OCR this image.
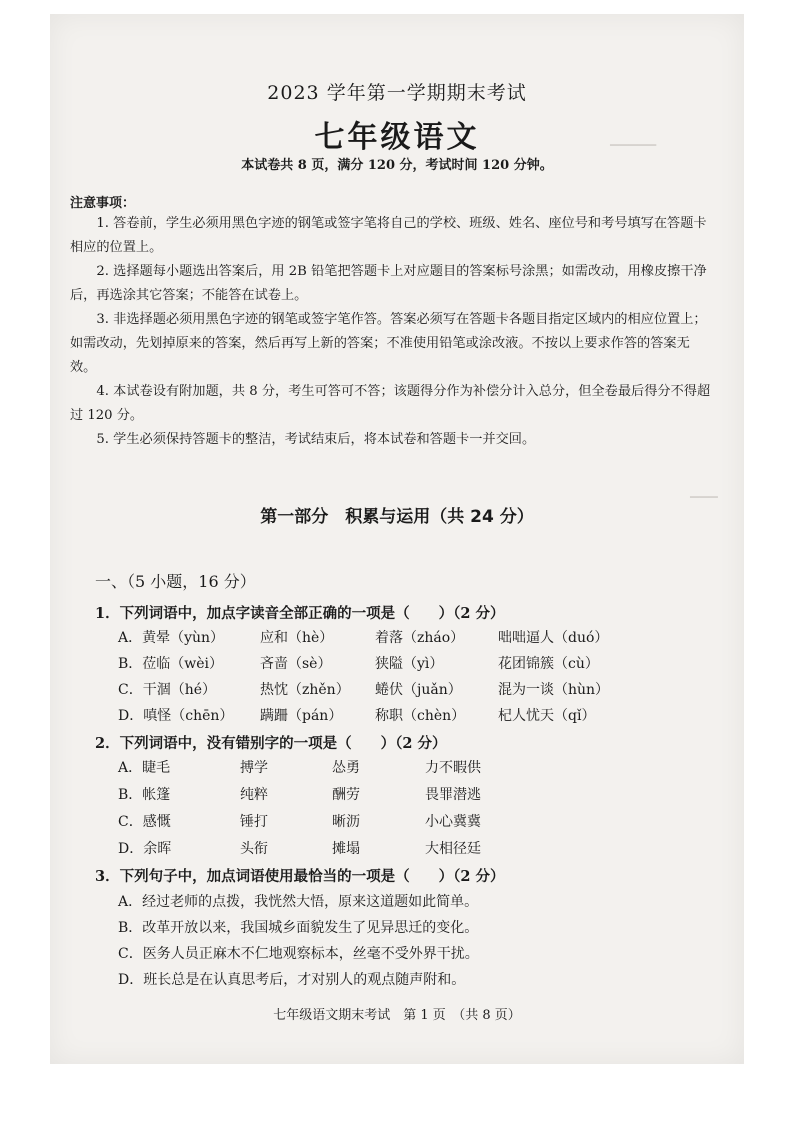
▁▁▁▁▁
▁▁▁
2023 学年第一学期期末考试
七年级语文
本试卷共 8 页，满分 120 分，考试时间 120 分钟。
注意事项：

1. 答卷前，学生必须用黑色字迹的钢笔或签字笔将自己的学校、班级、姓名、座位号和考号填写在答题卡相应的位置上。

2. 选择题每小题选出答案后，用 2B 铅笔把答题卡上对应题目的答案标号涂黑；如需改动，用橡皮擦干净后，再选涂其它答案；不能答在试卷上。

3. 非选择题必须用黑色字迹的钢笔或签字笔作答。答案必须写在答题卡各题目指定区域内的相应位置上；如需改动，先划掉原来的答案，然后再写上新的答案；不准使用铅笔或涂改液。不按以上要求作答的答案无效。

4. 本试卷设有附加题，共 8 分，考生可答可不答；该题得分作为补偿分计入总分，但全卷最后得分不得超过 120 分。

5. 学生必须保持答题卡的整洁，考试结束后，将本试卷和答题卡一并交回。

第一部分　积累与运用（共 24 分）
一、（5 小题，16 分）
1．下列词语中，加点字读音全部正确的一项是（　　）（2 分）
A．黄晕（yùn）	应和（hè）	着落（zháo） 咄咄逼人（duó）
B．莅临（wèi）	吝啬（sè）	狭隘（yì）	花团锦簇（cù）
C．干涸（hé）	热忱（zhěn） 蜷伏（juǎn）	混为一谈（hùn）
D．嗔怪（chēn） 蹒跚（pán） 称职（chèn） 杞人忧天（qǐ）
2．下列词语中，没有错别字的一项是（　　）（2 分）
A．睫毛	搏学	怂勇	力不暇供
B．帐篷	纯粹	酬劳	畏罪潜逃
C．感慨	锤打	晰沥	小心冀冀
D．余晖	头衔	摊塌	大相径廷
3．下列句子中，加点词语使用最恰当的一项是（　　）（2 分）
A．经过老师的点拨，我恍然大悟，原来这道题如此简单。
B．改革开放以来，我国城乡面貌发生了见异思迁的变化。
C．医务人员正麻木不仁地观察标本，丝毫不受外界干扰。
D．班长总是在认真思考后，才对别人的观点随声附和。
七年级语文期末考试　第 1 页　（共 8 页）
